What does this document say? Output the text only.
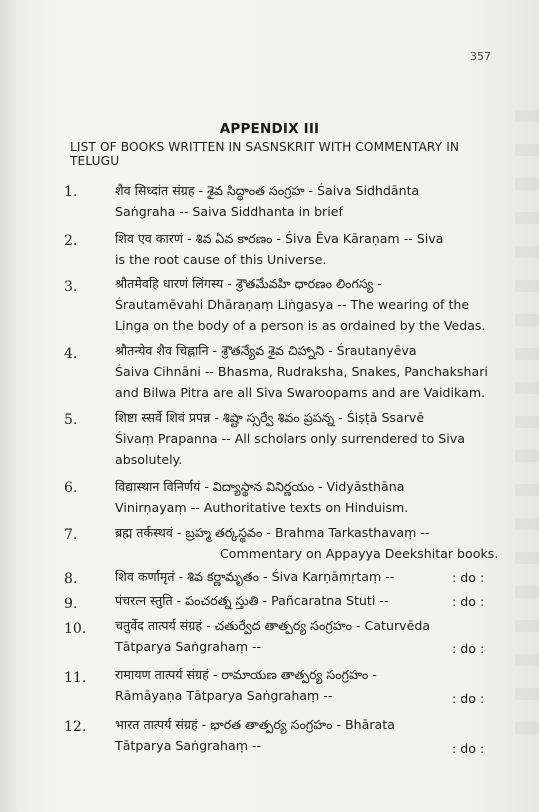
357
APPENDIX III
LIST OF BOOKS WRITTEN IN SASNSKRIT WITH COMMENTARY IN TELUGU
1.	शैव सिध्दांत संग्रह - శైవ సిద్ధాంత సంగ్రహ - Śaiva Sidhdānta
Saṅgraha -- Saiva Siddhanta in brief
2.	शिव एव कारणं - శివ ఏవ కారణం - Śiva Ēva Kāraṇam -- Siva
is the root cause of this Universe.
3.	श्रौतमेवहि धारणं लिंगस्य - శ్రౌతమేవహి ధారణం లింగస్య -
Śrautamēvahi Dhāraṇaṃ Liṅgasya -- The wearing of the
Linga on the body of a person is as ordained by the Vedas.
4.	श्रौतन्येव शैव चिह्नानि - శ్రౌతన్యేవ శైవ చిహ్నాని - Śrautanyēva
Śaiva Cihnāni -- Bhasma, Rudraksha, Snakes, Panchakshari
and Bilwa Pitra are all Siva Swaroopams and are Vaidikam.
5.	शिष्टा स्सर्वे शिवं प्रपन्न - శిష్టా స్సర్వే శివం ప్రపన్న - Śiṣṭā Ssarvē
Śivaṃ Prapanna -- All scholars only surrendered to Siva
absolutely.
6.	विद्यास्थान विनिर्णयं - విద్యాస్థాన వినిర్ణయం - Vidyāsthāna
Vinirṇayaṃ -- Authoritative texts on Hinduism.
7.	ब्रह्म तर्कस्थवं - బ్రహ్మ తర్కస్థవం - Brahma Tarkasthavaṃ --
Commentary on Appayya Deekshitar books.
8.	शिव कर्णामृतं - శివ కర్ణామృతం - Śiva Karṇāmṛtaṃ --	: do :
9.	पंचरत्न स्तुति - పంచరత్న స్తుతి - Pañcaratna Stuti --	: do :
10. चतुर्वेद तात्पर्य संग्रहं - చతుర్వేద తాత్పర్య సంగ్రహం - Caturvēda
Tātparya Saṅgrahaṃ --	: do :
11. रामायण तात्पर्य संग्रहं - రామాయణ తాత్పర్య సంగ్రహం -
Rāmāyaṇa Tātparya Saṅgrahaṃ --	: do :
12. भारत तात्पर्य संग्रहं - భారత తాత్పర్య సంగ్రహం - Bhārata
Tātparya Saṅgrahaṃ --	: do :
